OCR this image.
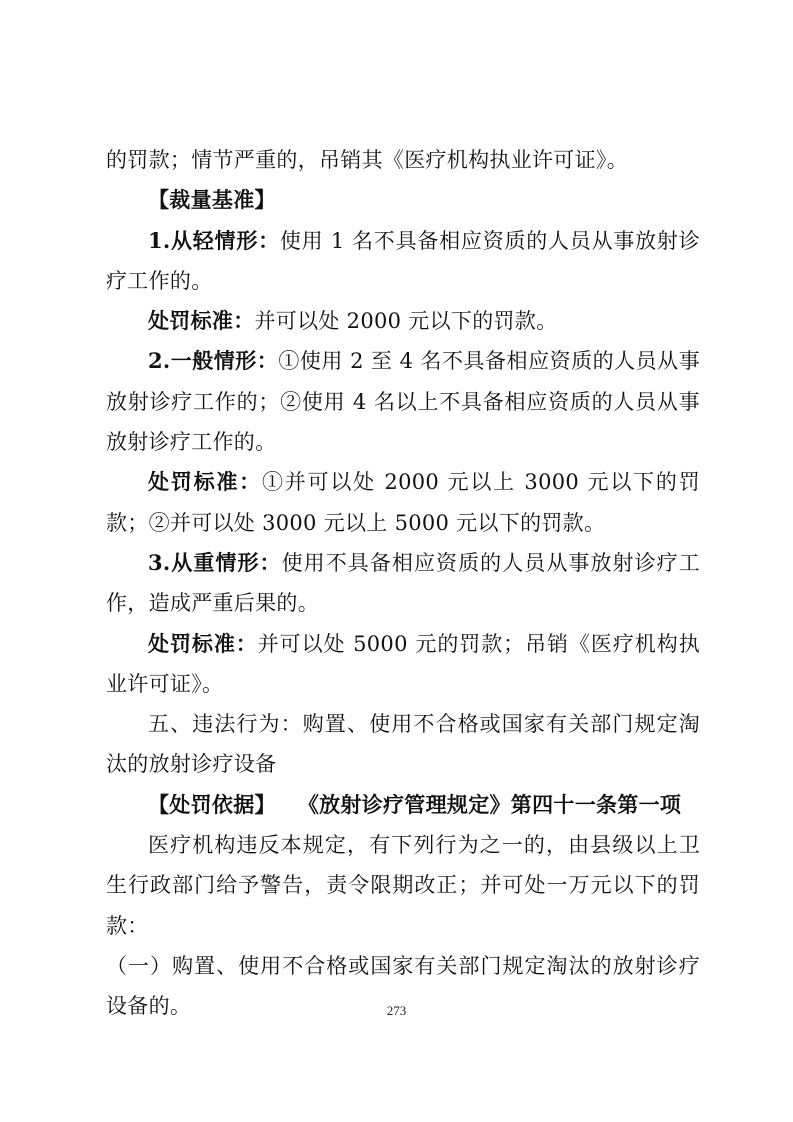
的罚款；情节严重的，吊销其《医疗机构执业许可证》。

【裁量基准】

1.从轻情形：使用 1 名不具备相应资质的人员从事放射诊疗工作的。

处罚标准：并可以处 2000 元以下的罚款。

2.一般情形：①使用 2 至 4 名不具备相应资质的人员从事放射诊疗工作的；②使用 4 名以上不具备相应资质的人员从事放射诊疗工作的。

处罚标准：①并可以处 2000 元以上 3000 元以下的罚款；②并可以处 3000 元以上 5000 元以下的罚款。

3.从重情形：使用不具备相应资质的人员从事放射诊疗工作，造成严重后果的。

处罚标准：并可以处 5000 元的罚款；吊销《医疗机构执业许可证》。

五、违法行为：购置、使用不合格或国家有关部门规定淘汰的放射诊疗设备

【处罚依据】 《放射诊疗管理规定》第四十一条第一项

医疗机构违反本规定，有下列行为之一的，由县级以上卫生行政部门给予警告，责令限期改正；并可处一万元以下的罚款：

（一）购置、使用不合格或国家有关部门规定淘汰的放射诊疗设备的。	273
